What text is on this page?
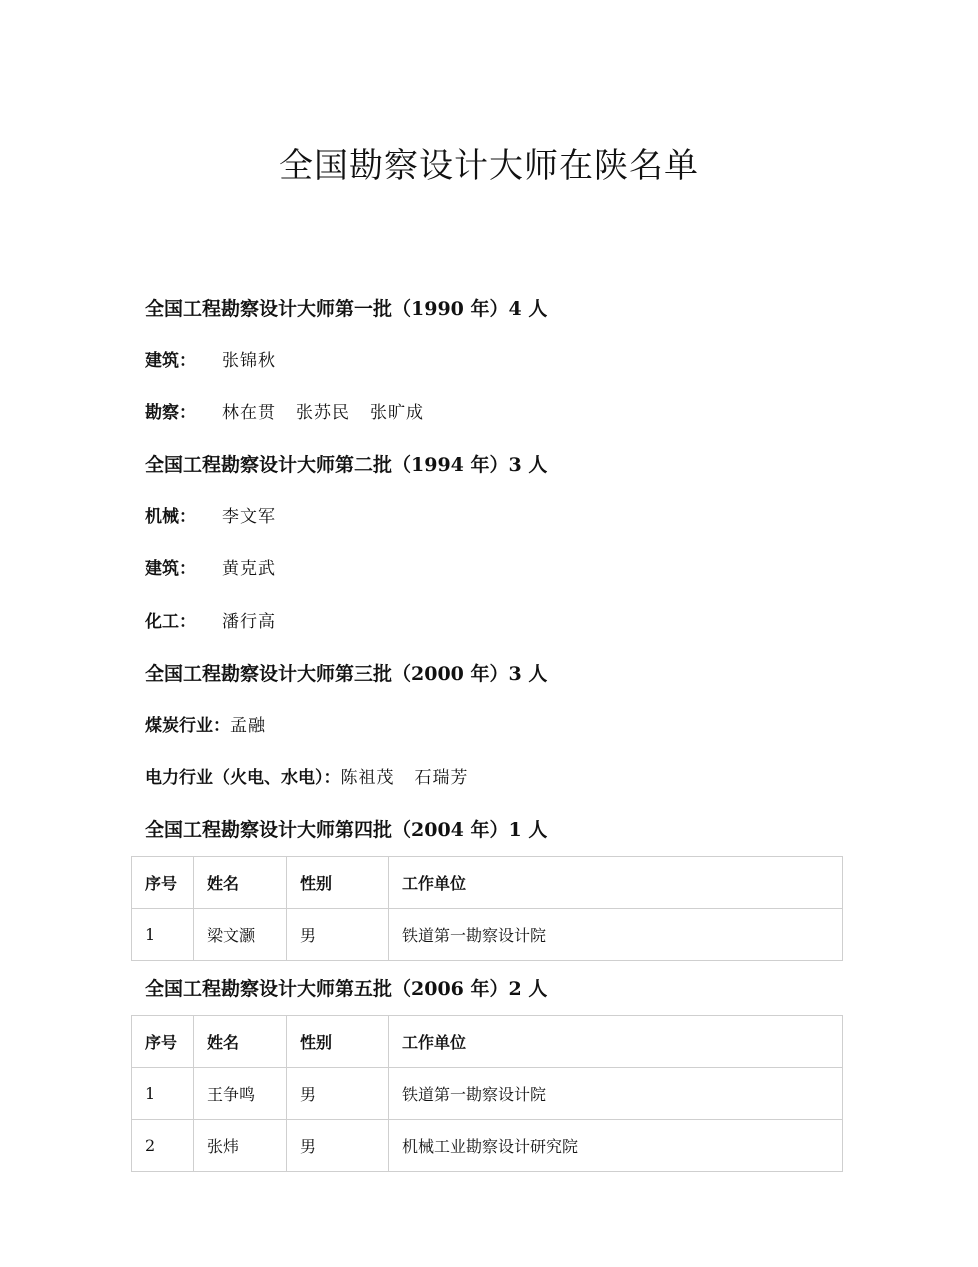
全国勘察设计大师在陕名单
全国工程勘察设计大师第一批（1990 年）4 人
建筑： 张锦秋
勘察： 林在贯 张苏民 张旷成
全国工程勘察设计大师第二批（1994 年）3 人
机械： 李文军
建筑： 黄克武
化工： 潘行高
全国工程勘察设计大师第三批（2000 年）3 人
煤炭行业：孟融
电力行业（火电、水电）：陈祖茂 石瑞芳
全国工程勘察设计大师第四批（2004 年）1 人
序号	姓名	性别	工作单位
1	梁文灏	男	铁道第一勘察设计院
全国工程勘察设计大师第五批（2006 年）2 人
序号	姓名	性别	工作单位
1	王争鸣	男	铁道第一勘察设计院
2	张炜	男	机械工业勘察设计研究院
